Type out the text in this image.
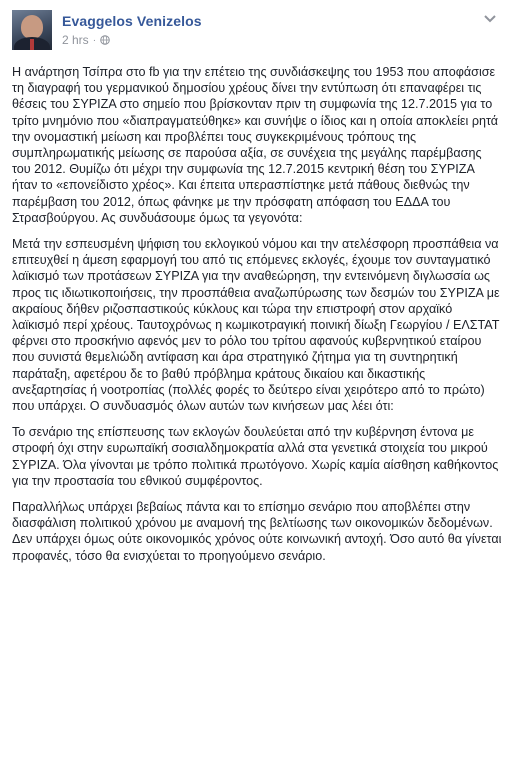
Evaggelos Venizelos
2 hrs ·

Η ανάρτηση Τσίπρα στο fb για την επέτειο της συνδιάσκεψης του 1953 που αποφάσισε τη διαγραφή του γερμανικού δημοσίου χρέους δίνει την εντύπωση ότι επαναφέρει τις θέσεις του ΣΥΡΙΖΑ στο σημείο που βρίσκονταν πριν τη συμφωνία της 12.7.2015 για το τρίτο μνημόνιο που «διαπραγματεύθηκε» και συνήψε ο ίδιος και η οποία αποκλείει ρητά την ονομαστική μείωση και προβλέπει τους συγκεκριμένους τρόπους της συμπληρωματικής μείωσης σε παρούσα αξία, σε συνέχεια της μεγάλης παρέμβασης του 2012. Θυμίζω ότι μέχρι την συμφωνία της 12.7.2015 κεντρική θέση του ΣΥΡΙΖΑ ήταν το «επονείδιστο χρέος». Και έπειτα υπερασπίστηκε μετά πάθους διεθνώς την παρέμβαση του 2012, όπως φάνηκε με την πρόσφατη απόφαση του ΕΔΔΑ του Στρασβούργου. Ας συνδυάσουμε όμως τα γεγονότα:

Μετά την εσπευσμένη ψήφιση του εκλογικού νόμου και την ατελέσφορη προσπάθεια να επιτευχθεί η άμεση εφαρμογή του από τις επόμενες εκλογές, έχουμε τον συνταγματικό λαϊκισμό των προτάσεων ΣΥΡΙΖΑ για την αναθεώρηση, την εντεινόμενη διγλωσσία ως προς τις ιδιωτικοποιήσεις, την προσπάθεια αναζωπύρωσης των δεσμών του ΣΥΡΙΖΑ με ακραίους δήθεν ριζοσπαστικούς κύκλους και τώρα την επιστροφή στον αρχαϊκό λαϊκισμό περί χρέους. Ταυτοχρόνως η κωμικοτραγική ποινική δίωξη Γεωργίου / ΕΛΣΤΑΤ φέρνει στο προσκήνιο αφενός μεν το ρόλο του τρίτου αφανούς κυβερνητικού εταίρου που συνιστά θεμελιώδη αντίφαση και άρα στρατηγικό ζήτημα για τη συντηρητική παράταξη, αφετέρου δε το βαθύ πρόβλημα κράτους δικαίου και δικαστικής ανεξαρτησίας ή νοοτροπίας (πολλές φορές το δεύτερο είναι χειρότερο από το πρώτο) που υπάρχει. Ο συνδυασμός όλων αυτών των κινήσεων μας λέει ότι:

Το σενάριο της επίσπευσης των εκλογών δουλεύεται από την κυβέρνηση έντονα με στροφή όχι στην ευρωπαϊκή σοσιαλδημοκρατία αλλά στα γενετικά στοιχεία του μικρού ΣΥΡΙΖΑ. Όλα γίνονται με τρόπο πολιτικά πρωτόγονο. Χωρίς καμία αίσθηση καθήκοντος για την προστασία του εθνικού συμφέροντος.

Παραλλήλως υπάρχει βεβαίως πάντα και το επίσημο σενάριο που αποβλέπει στην διασφάλιση πολιτικού χρόνου με αναμονή της βελτίωσης των οικονομικών δεδομένων. Δεν υπάρχει όμως ούτε οικονομικός χρόνος ούτε κοινωνική αντοχή. Όσο αυτό θα γίνεται προφανές, τόσο θα ενισχύεται το προηγούμενο σενάριο.
